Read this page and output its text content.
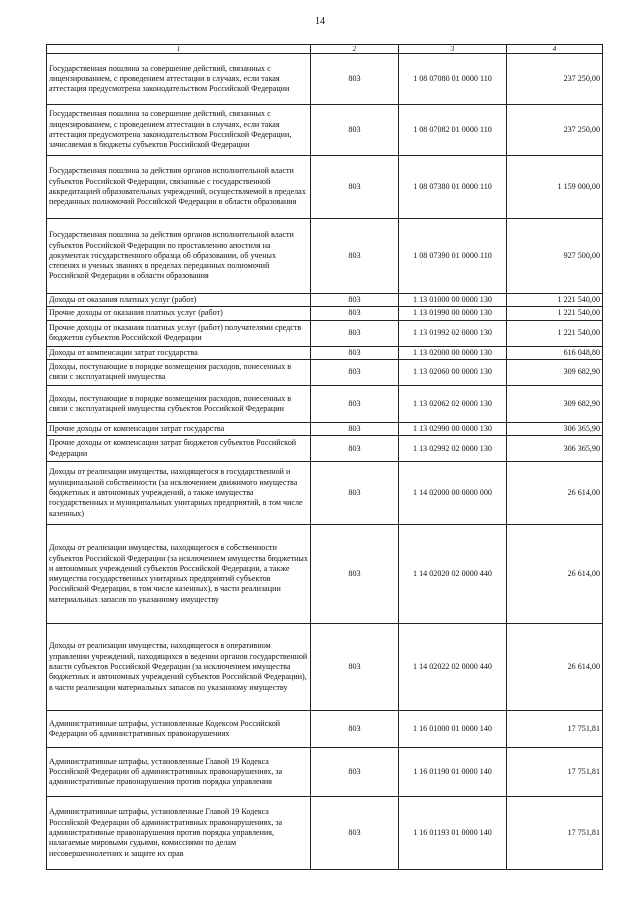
14
1	2	3	4
Государственная пошлина за совершение действий, связанных с лицензированием, с проведением аттестации в случаях, если такая аттестация предусмотрена законодательством Российской Федерации	803	1 08 07080 01 0000 110	237 250,00
Государственная пошлина за совершение действий, связанных с лицензированием, с проведением аттестации в случаях, если такая аттестация предусмотрена законодательством Российской Федерации, зачисляемая в бюджеты субъектов Российской Федерации	803	1 08 07082 01 0000 110	237 250,00
Государственная пошлина за действия органов исполнительной власти субъектов Российской Федерации, связанные с государственной аккредитацией образовательных учреждений, осуществляемой в пределах переданных полномочий Российской Федерации в области образования	803	1 08 07380 01 0000 110	1 159 000,00
Государственная пошлина за действия органов исполнительной власти субъектов Российской Федерации по проставлению апостиля на документах государственного образца об образовании, об ученых степенях и ученых званиях в пределах переданных полномочий Российской Федерации в области образования	803	1 08 07390 01 0000 110	927 500,00
Доходы от оказания платных услуг (работ)	803	1 13 01000 00 0000 130	1 221 540,00
Прочие доходы от оказания платных услуг (работ)	803	1 13 01990 00 0000 130	1 221 540,00
Прочие доходы от оказания платных услуг (работ) получателями средств бюджетов субъектов Российской Федерации	803	1 13 01992 02 0000 130	1 221 540,00
Доходы от компенсации затрат государства	803	1 13 02000 00 0000 130	616 048,80
Доходы, поступающие в порядке возмещения расходов, понесенных в связи с эксплуатацией имущества	803	1 13 02060 00 0000 130	309 682,90
Доходы, поступающие в порядке возмещения расходов, понесенных в связи с эксплуатацией имущества субъектов Российской Федерации	803	1 13 02062 02 0000 130	309 682,90
Прочие доходы от компенсации затрат государства	803	1 13 02990 00 0000 130	306 365,90
Прочие доходы от компенсации затрат бюджетов субъектов Российской Федерации	803	1 13 02992 02 0000 130	306 365,90
Доходы от реализации имущества, находящегося в государственной и муниципальной собственности (за исключением движимого имущества бюджетных и автономных учреждений, а также имущества государственных и муниципальных унитарных предприятий, в том числе казенных)	803	1 14 02000 00 0000 000	26 614,00
Доходы от реализации имущества, находящегося в собственности субъектов Российской Федерации (за исключением имущества бюджетных и автономных учреждений субъектов Российской Федерации, а также имущества государственных унитарных предприятий субъектов Российской Федерации, в том числе казенных), в части реализации материальных запасов по указанному имуществу	803	1 14 02020 02 0000 440	26 614,00
Доходы от реализации имущества, находящегося в оперативном управлении учреждений, находящихся в ведении органов государственной власти субъектов Российской Федерации (за исключением имущества бюджетных и автономных учреждений субъектов Российской Федерации), в части реализации материальных запасов по указанному имуществу	803	1 14 02022 02 0000 440	26 614,00
Административные штрафы, установленные Кодексом Российской Федерации об административных правонарушениях	803	1 16 01000 01 0000 140	17 751,81
Административные штрафы, установленные Главой 19 Кодекса Российской Федерации об административных правонарушениях, за административные правонарушения против порядка управления	803	1 16 01190 01 0000 140	17 751,81
Административные штрафы, установленные Главой 19 Кодекса Российской Федерации об административных правонарушениях, за административные правонарушения против порядка управления, налагаемые мировыми судьями, комиссиями по делам несовершеннолетних и защите их прав	803	1 16 01193 01 0000 140	17 751,81
